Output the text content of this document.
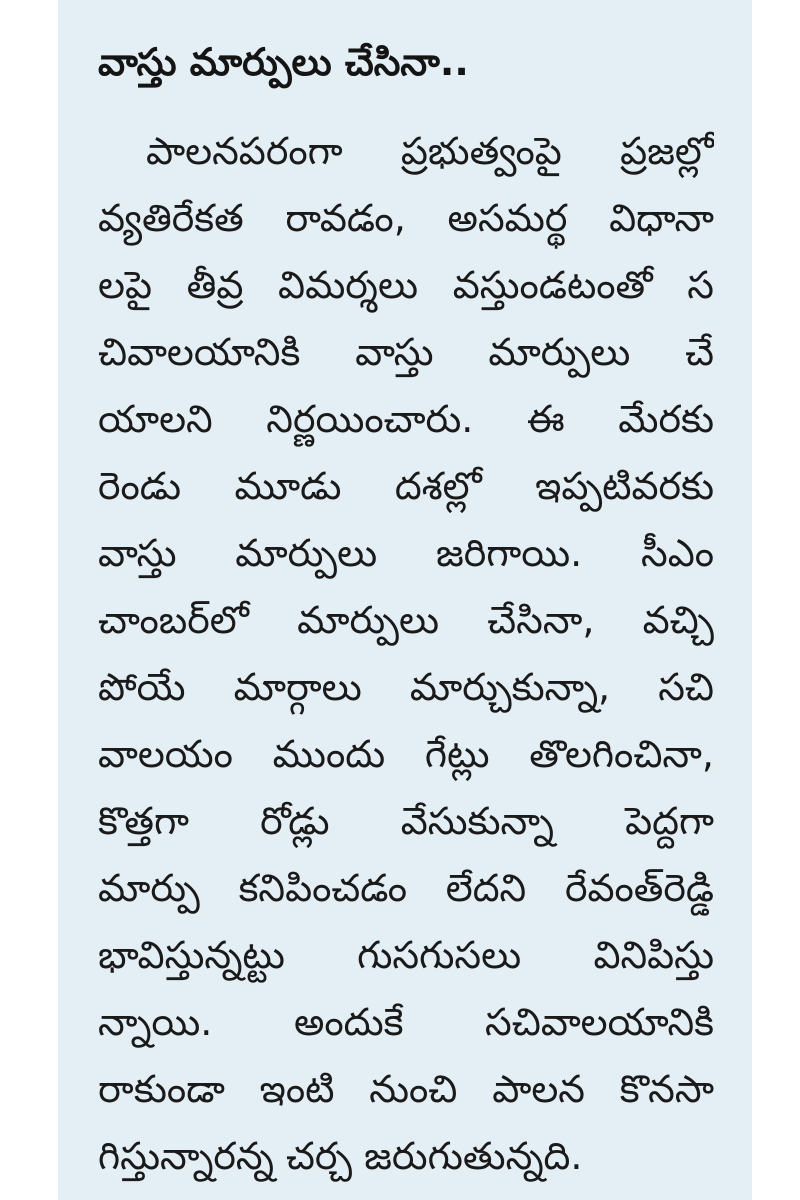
వాస్తు మార్పులు చేసినా..
పాలనపరంగా ప్రభుత్వంపై ప్రజల్లో
వ్యతిరేకత రావడం, అసమర్థ విధానా
లపై తీవ్ర విమర్శలు వస్తుండటంతో స
చివాలయానికి వాస్తు మార్పులు చే
యాలని నిర్ణయించారు. ఈ మేరకు
రెండు మూడు దశల్లో ఇప్పటివరకు
వాస్తు మార్పులు జరిగాయి. సీఎం
చాంబర్‌లో మార్పులు చేసినా, వచ్చి
పోయే మార్గాలు మార్చుకున్నా, సచి
వాలయం ముందు గేట్లు తొలగించినా,
కొత్తగా రోడ్లు వేసుకున్నా పెద్దగా
మార్పు కనిపించడం లేదని రేవంత్‌రెడ్డి
భావిస్తున్నట్టు గుసగుసలు వినిపిస్తు
న్నాయి. అందుకే సచివాలయానికి
రాకుండా ఇంటి నుంచి పాలన కొనసా
గిస్తున్నారన్న చర్చ జరుగుతున్నది.
